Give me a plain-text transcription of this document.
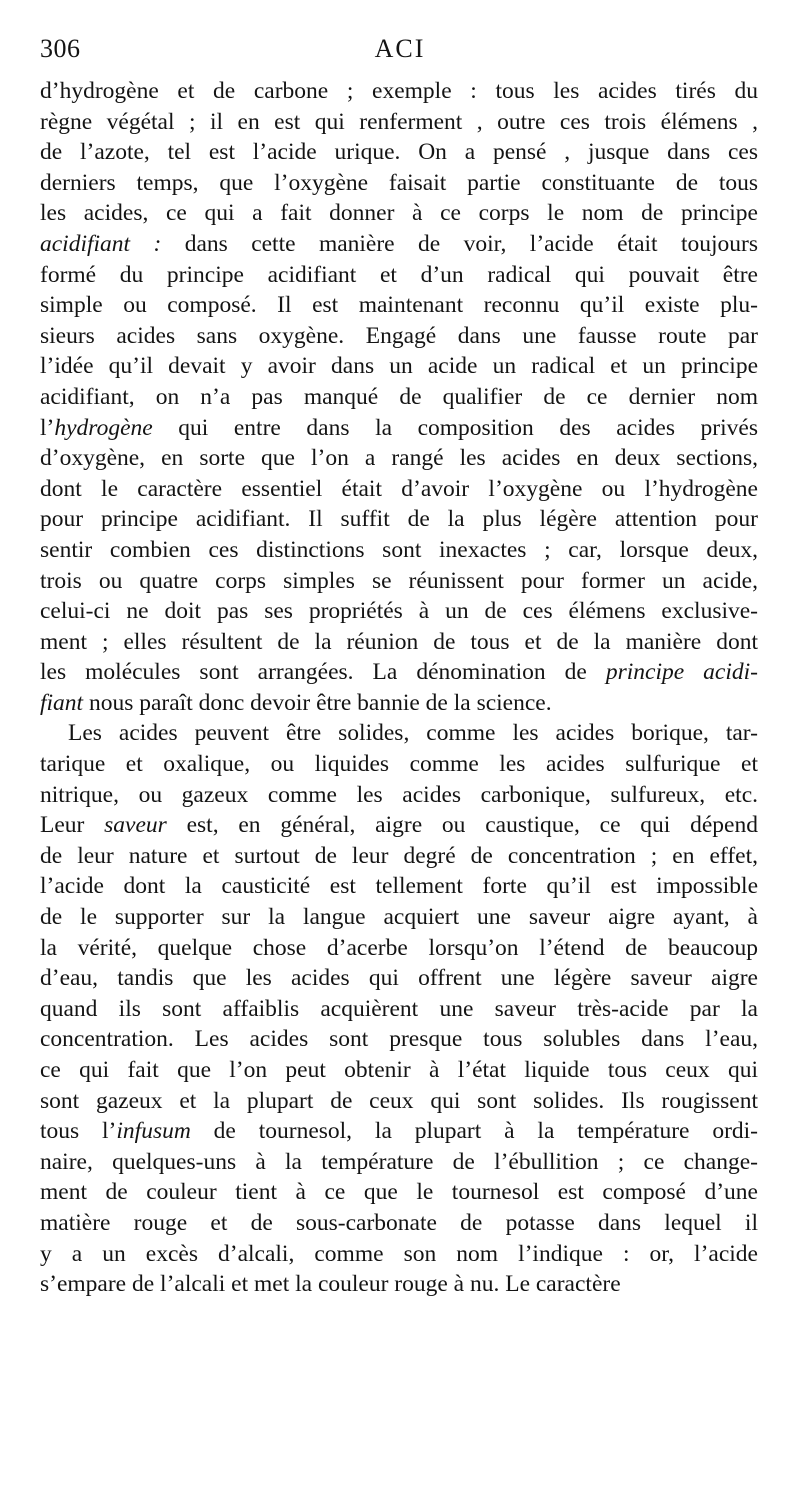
306	ACI
d’hydrogène et de carbone ; exemple : tous les acides tirés du
règne végétal ; il en est qui renferment , outre ces trois élémens ,
de l’azote, tel est l’acide urique. On a pensé , jusque dans ces
derniers temps, que l’oxygène faisait partie constituante de tous
les acides, ce qui a fait donner à ce corps le nom de principe
acidifiant : dans cette manière de voir, l’acide était toujours
formé du principe acidifiant et d’un radical qui pouvait être
simple ou composé. Il est maintenant reconnu qu’il existe plu-
sieurs acides sans oxygène. Engagé dans une fausse route par
l’idée qu’il devait y avoir dans un acide un radical et un principe
acidifiant, on n’a pas manqué de qualifier de ce dernier nom
l’hydrogène qui entre dans la composition des acides privés
d’oxygène, en sorte que l’on a rangé les acides en deux sections,
dont le caractère essentiel était d’avoir l’oxygène ou l’hydrogène
pour principe acidifiant. Il suffit de la plus légère attention pour
sentir combien ces distinctions sont inexactes ; car, lorsque deux,
trois ou quatre corps simples se réunissent pour former un acide,
celui-ci ne doit pas ses propriétés à un de ces élémens exclusive-
ment ; elles résultent de la réunion de tous et de la manière dont
les molécules sont arrangées. La dénomination de principe acidi-
fiant nous paraît donc devoir être bannie de la science.
Les acides peuvent être solides, comme les acides borique, tar-
tarique et oxalique, ou liquides comme les acides sulfurique et
nitrique, ou gazeux comme les acides carbonique, sulfureux, etc.
Leur saveur est, en général, aigre ou caustique, ce qui dépend
de leur nature et surtout de leur degré de concentration ; en effet,
l’acide dont la causticité est tellement forte qu’il est impossible
de le supporter sur la langue acquiert une saveur aigre ayant, à
la vérité, quelque chose d’acerbe lorsqu’on l’étend de beaucoup
d’eau, tandis que les acides qui offrent une légère saveur aigre
quand ils sont affaiblis acquièrent une saveur très-acide par la
concentration. Les acides sont presque tous solubles dans l’eau,
ce qui fait que l’on peut obtenir à l’état liquide tous ceux qui
sont gazeux et la plupart de ceux qui sont solides. Ils rougissent
tous l’infusum de tournesol, la plupart à la température ordi-
naire, quelques-uns à la température de l’ébullition ; ce change-
ment de couleur tient à ce que le tournesol est composé d’une
matière rouge et de sous-carbonate de potasse dans lequel il
y a un excès d’alcali, comme son nom l’indique : or, l’acide
s’empare de l’alcali et met la couleur rouge à nu. Le caractère
